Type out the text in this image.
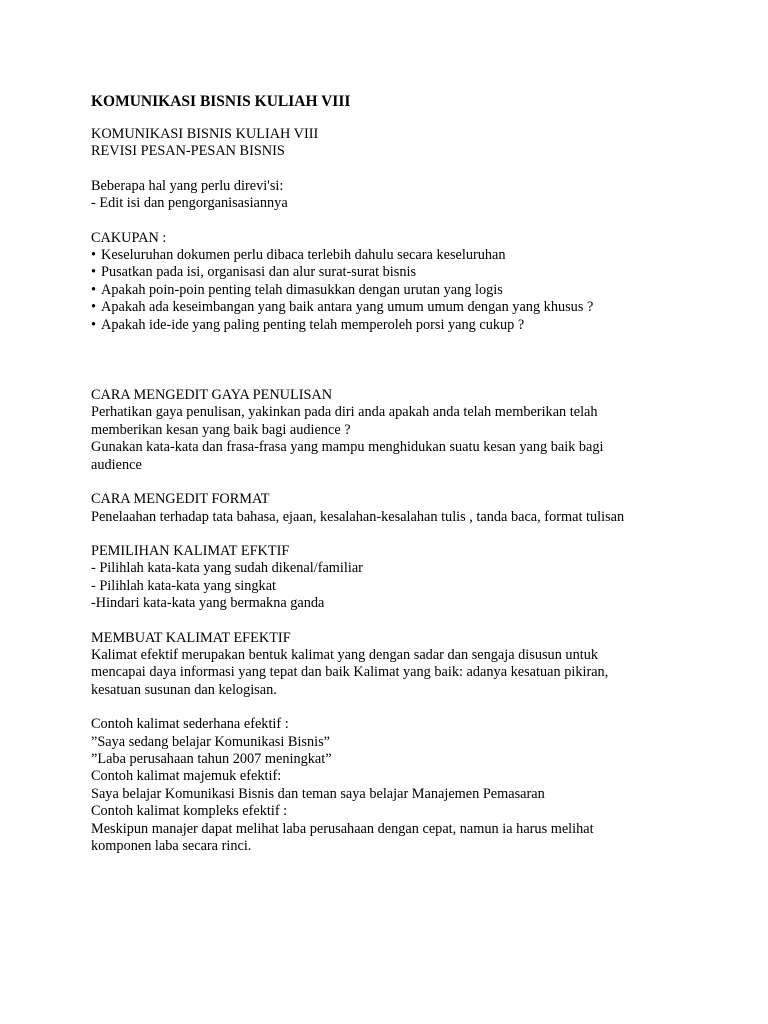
KOMUNIKASI BISNIS KULIAH VIII

KOMUNIKASI BISNIS KULIAH VIII
REVISI PESAN-PESAN BISNIS

Beberapa hal yang perlu direvi'si:
- Edit isi dan pengorganisasiannya

CAKUPAN :

• Keseluruhan dokumen perlu dibaca terlebih dahulu secara keseluruhan
• Pusatkan pada isi, organisasi dan alur surat-surat bisnis
• Apakah poin-poin penting telah dimasukkan dengan urutan yang logis
• Apakah ada keseimbangan yang baik antara yang umum umum dengan yang khusus ?
• Apakah ide-ide yang paling penting telah memperoleh porsi yang cukup ?

CARA MENGEDIT GAYA PENULISAN

Perhatikan gaya penulisan, yakinkan pada diri anda apakah anda telah memberikan telah
memberikan kesan yang baik bagi audience ?
Gunakan kata-kata dan frasa-frasa yang mampu menghidukan suatu kesan yang baik bagi
audience

CARA MENGEDIT FORMAT

Penelaahan terhadap tata bahasa, ejaan, kesalahan-kesalahan tulis , tanda baca, format tulisan

PEMILIHAN KALIMAT EFKTIF

- Pilihlah kata-kata yang sudah dikenal/familiar
- Pilihlah kata-kata yang singkat
-Hindari kata-kata yang bermakna ganda

MEMBUAT KALIMAT EFEKTIF

Kalimat efektif merupakan bentuk kalimat yang dengan sadar dan sengaja disusun untuk
mencapai daya informasi yang tepat dan baik Kalimat yang baik: adanya kesatuan pikiran,
kesatuan susunan dan kelogisan.

Contoh kalimat sederhana efektif :
”Saya sedang belajar Komunikasi Bisnis”
”Laba perusahaan tahun 2007 meningkat”
Contoh kalimat majemuk efektif:
Saya belajar Komunikasi Bisnis dan teman saya belajar Manajemen Pemasaran
Contoh kalimat kompleks efektif :
Meskipun manajer dapat melihat laba perusahaan dengan cepat, namun ia harus melihat
komponen laba secara rinci.
